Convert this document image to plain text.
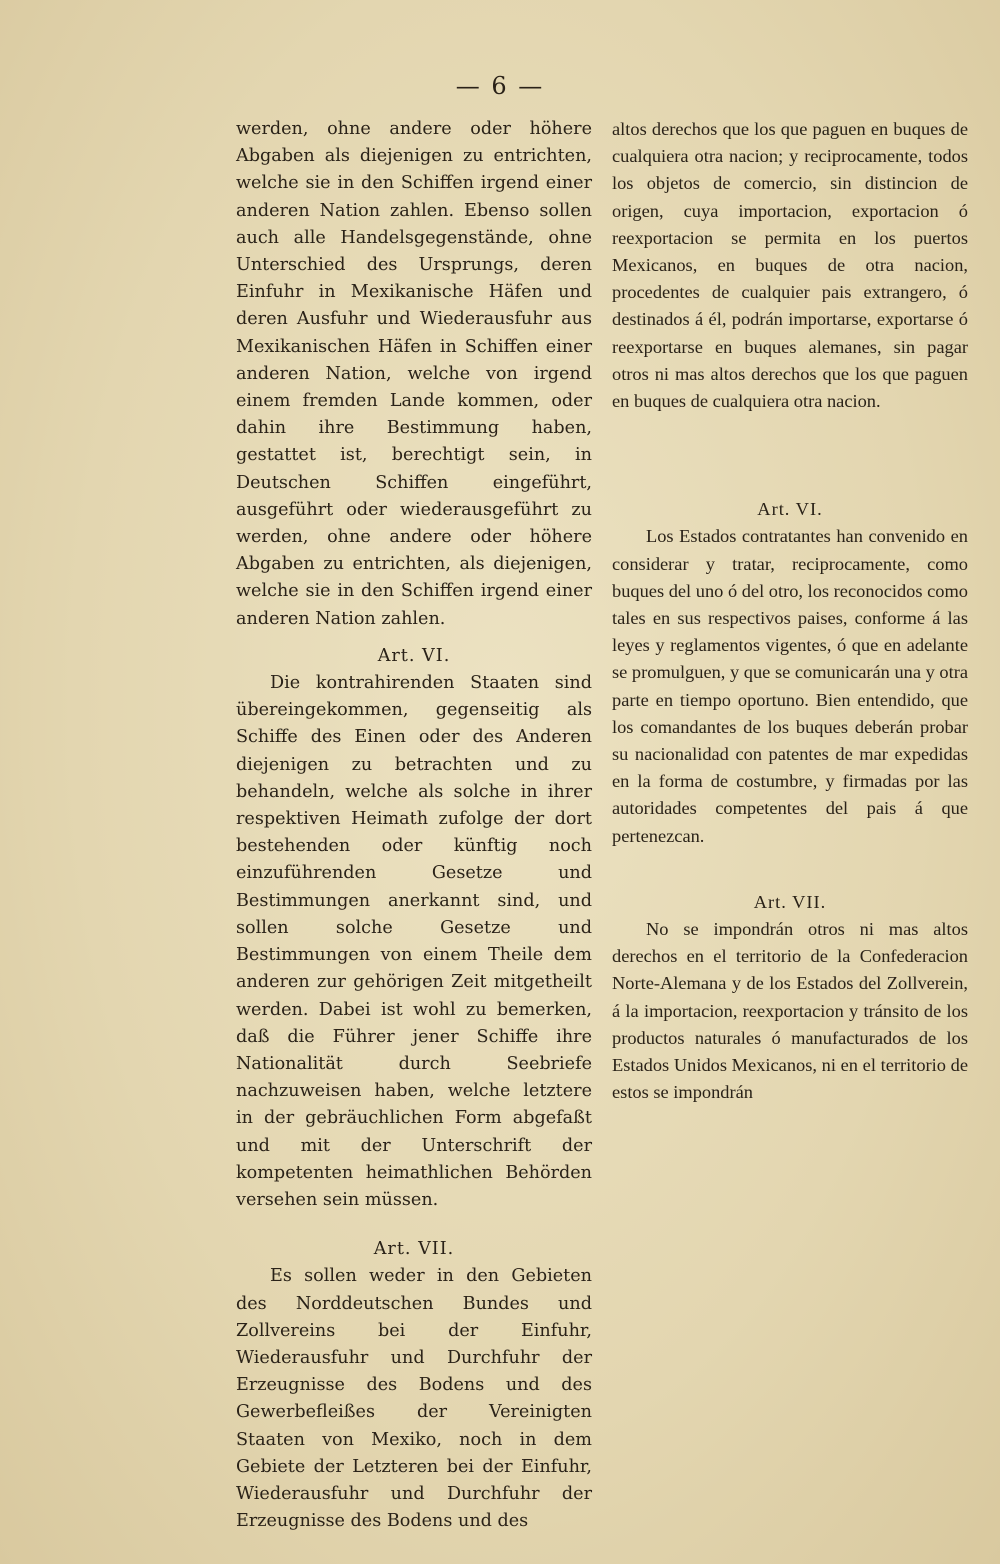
— 6 —

werden, ohne andere oder höhere Abgaben als diejenigen zu entrichten, welche sie in den Schiffen irgend einer anderen Nation zahlen. Ebenso sollen auch alle Handelsgegenstände, ohne Unterschied des Ursprungs, deren Einfuhr in Mexikanische Häfen und deren Ausfuhr und Wiederausfuhr aus Mexikanischen Häfen in Schiffen einer anderen Nation, welche von irgend einem fremden Lande kommen, oder dahin ihre Bestimmung haben, gestattet ist, berechtigt sein, in Deutschen Schiffen eingeführt, ausgeführt oder wiederausgeführt zu werden, ohne andere oder höhere Abgaben zu entrichten, als diejenigen, welche sie in den Schiffen irgend einer anderen Nation zahlen.

Art. VI.

Die kontrahirenden Staaten sind übereingekommen, gegenseitig als Schiffe des Einen oder des Anderen diejenigen zu betrachten und zu behandeln, welche als solche in ihrer respektiven Heimath zufolge der dort bestehenden oder künftig noch einzuführenden Gesetze und Bestimmungen anerkannt sind, und sollen solche Gesetze und Bestimmungen von einem Theile dem anderen zur gehörigen Zeit mitgetheilt werden. Dabei ist wohl zu bemerken, daß die Führer jener Schiffe ihre Nationalität durch Seebriefe nachzuweisen haben, welche letztere in der gebräuchlichen Form abgefaßt und mit der Unterschrift der kompetenten heimathlichen Behörden versehen sein müssen.

Art. VII.

Es sollen weder in den Gebieten des Norddeutschen Bundes und Zollvereins bei der Einfuhr, Wiederausfuhr und Durchfuhr der Erzeugnisse des Bodens und des Gewerbefleißes der Vereinigten Staaten von Mexiko, noch in dem Gebiete der Letzteren bei der Einfuhr, Wiederausfuhr und Durchfuhr der Erzeugnisse des Bodens und des

altos derechos que los que paguen en buques de cualquiera otra nacion; y reciprocamente, todos los objetos de comercio, sin distincion de origen, cuya importacion, exportacion ó reexportacion se permita en los puertos Mexicanos, en buques de otra nacion, procedentes de cualquier pais extrangero, ó destinados á él, podrán importarse, exportarse ó reexportarse en buques alemanes, sin pagar otros ni mas altos derechos que los que paguen en buques de cualquiera otra nacion.

Art. VI.

Los Estados contratantes han convenido en considerar y tratar, reciprocamente, como buques del uno ó del otro, los reconocidos como tales en sus respectivos paises, conforme á las leyes y reglamentos vigentes, ó que en adelante se promulguen, y que se comunicarán una y otra parte en tiempo oportuno. Bien entendido, que los comandantes de los buques deberán probar su nacionalidad con patentes de mar expedidas en la forma de costumbre, y firmadas por las autoridades competentes del pais á que pertenezcan.

Art. VII.

No se impondrán otros ni mas altos derechos en el territorio de la Confederacion Norte-Alemana y de los Estados del Zollverein, á la importacion, reexportacion y tránsito de los productos naturales ó manufacturados de los Estados Unidos Mexicanos, ni en el territorio de estos se impondrán
